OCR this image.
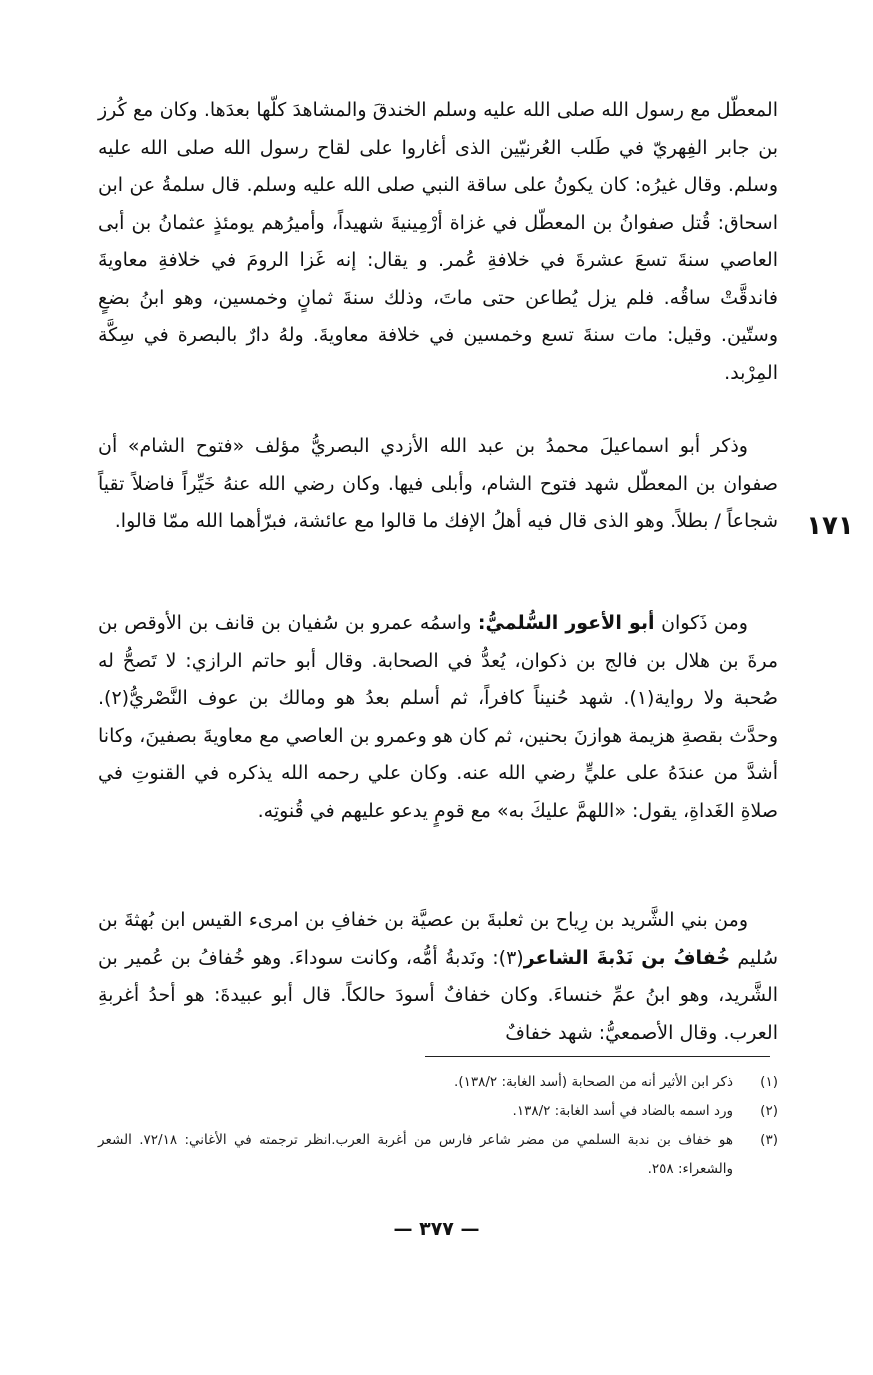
المعطّل مع رسول الله صلى الله عليه وسلم الخندقَ والمشاهدَ كلّها بعدَها. وكان مع كُرز بن جابر الفِهريّ في طَلب العُرنيّين الذى أغاروا على لقاح رسول الله صلى الله عليه وسلم. وقال غيرُه: كان يكونُ على ساقة النبي صلى الله عليه وسلم. قال سلمةُ عن ابن اسحاق: قُتل صفوانُ بن المعطّل في غزاة أرْمِينيةَ شهيداً، وأميرُهم يومئذٍ عثمانُ بن أبى العاصي سنةَ تسعَ عشرةَ في خلافةِ عُمر. و يقال: إنه غَزا الرومَ في خلافةِ معاويةَ فاندقَّتْ ساقُه. فلم يزل يُطاعن حتى ماتَ، وذلك سنةَ ثمانٍ وخمسين، وهو ابنُ بضعٍ وستّين. وقيل: مات سنةَ تسع وخمسين في خلافة معاويةَ. ولهُ دارٌ بالبصرة في سِكَّة المِرْبد.

وذكر أبو اسماعيلَ محمدُ بن عبد الله الأزدي البصريُّ مؤلف «فتوح الشام» أن صفوان بن المعطّل شهد فتوح الشام، وأبلى فيها. وكان رضي الله عنهُ خَيِّراً فاضلاً تقياً شجاعاً / بطلاً. وهو الذى قال فيه أهلُ الإفك ما قالوا مع عائشة، فبرّأهما الله ممّا قالوا. ١٧١

ومن ذَكوان أبو الأعور السُّلميُّ: واسمُه عمرو بن سُفيان بن قانف بن الأوقص بن مرةَ بن هلال بن فالج بن ذكوان، يُعدُّ في الصحابة. وقال أبو حاتم الرازي: لا تَصحُّ له صُحبة ولا رواية(١). شهد حُنيناً كافراً، ثم أسلم بعدُ هو ومالك بن عوف النَّصْريُّ(٢). وحدَّث بقصةِ هزيمة هوازنَ بحنين، ثم كان هو وعمرو بن العاصي مع معاويةَ بصفينَ، وكانا أشدَّ من عندَهُ على عليٍّ رضي الله عنه. وكان علي رحمه الله يذكره في القنوتِ في صلاةِ الغَداةِ، يقول: «اللهمَّ عليكَ به» مع قومٍ يدعو عليهم في قُنوتِه.

ومن بني الشَّريد بن رِياح بن ثعلبةَ بن عصيَّة بن خفافِ بن امرىء القيس ابن بُهثةَ بن سُليم خُفافُ بن نَدْبةَ الشاعر(٣): ونَدبةُ أمُّه، وكانت سوداءَ. وهو خُفافُ بن عُمير بن الشَّريد، وهو ابنُ عمِّ خنساءَ. وكان خفافٌ أسودَ حالكاً. قال أبو عبيدةَ: هو أحدُ أغربةِ العرب. وقال الأصمعيُّ: شهد خفافٌ

(١)
ذكر ابن الأثير أنه من الصحابة (أسد الغابة: ١٣٨/٢).
(٢)
ورد اسمه بالضاد في أسد الغابة: ١٣٨/٢.
(٣)
هو خفاف بن ندبة السلمي من مضر شاعر فارس من أغربة العرب.انظر ترجمته في الأغاني: ٧٢/١٨. الشعر والشعراء: ٢٥٨.
— ٣٧٧ —
